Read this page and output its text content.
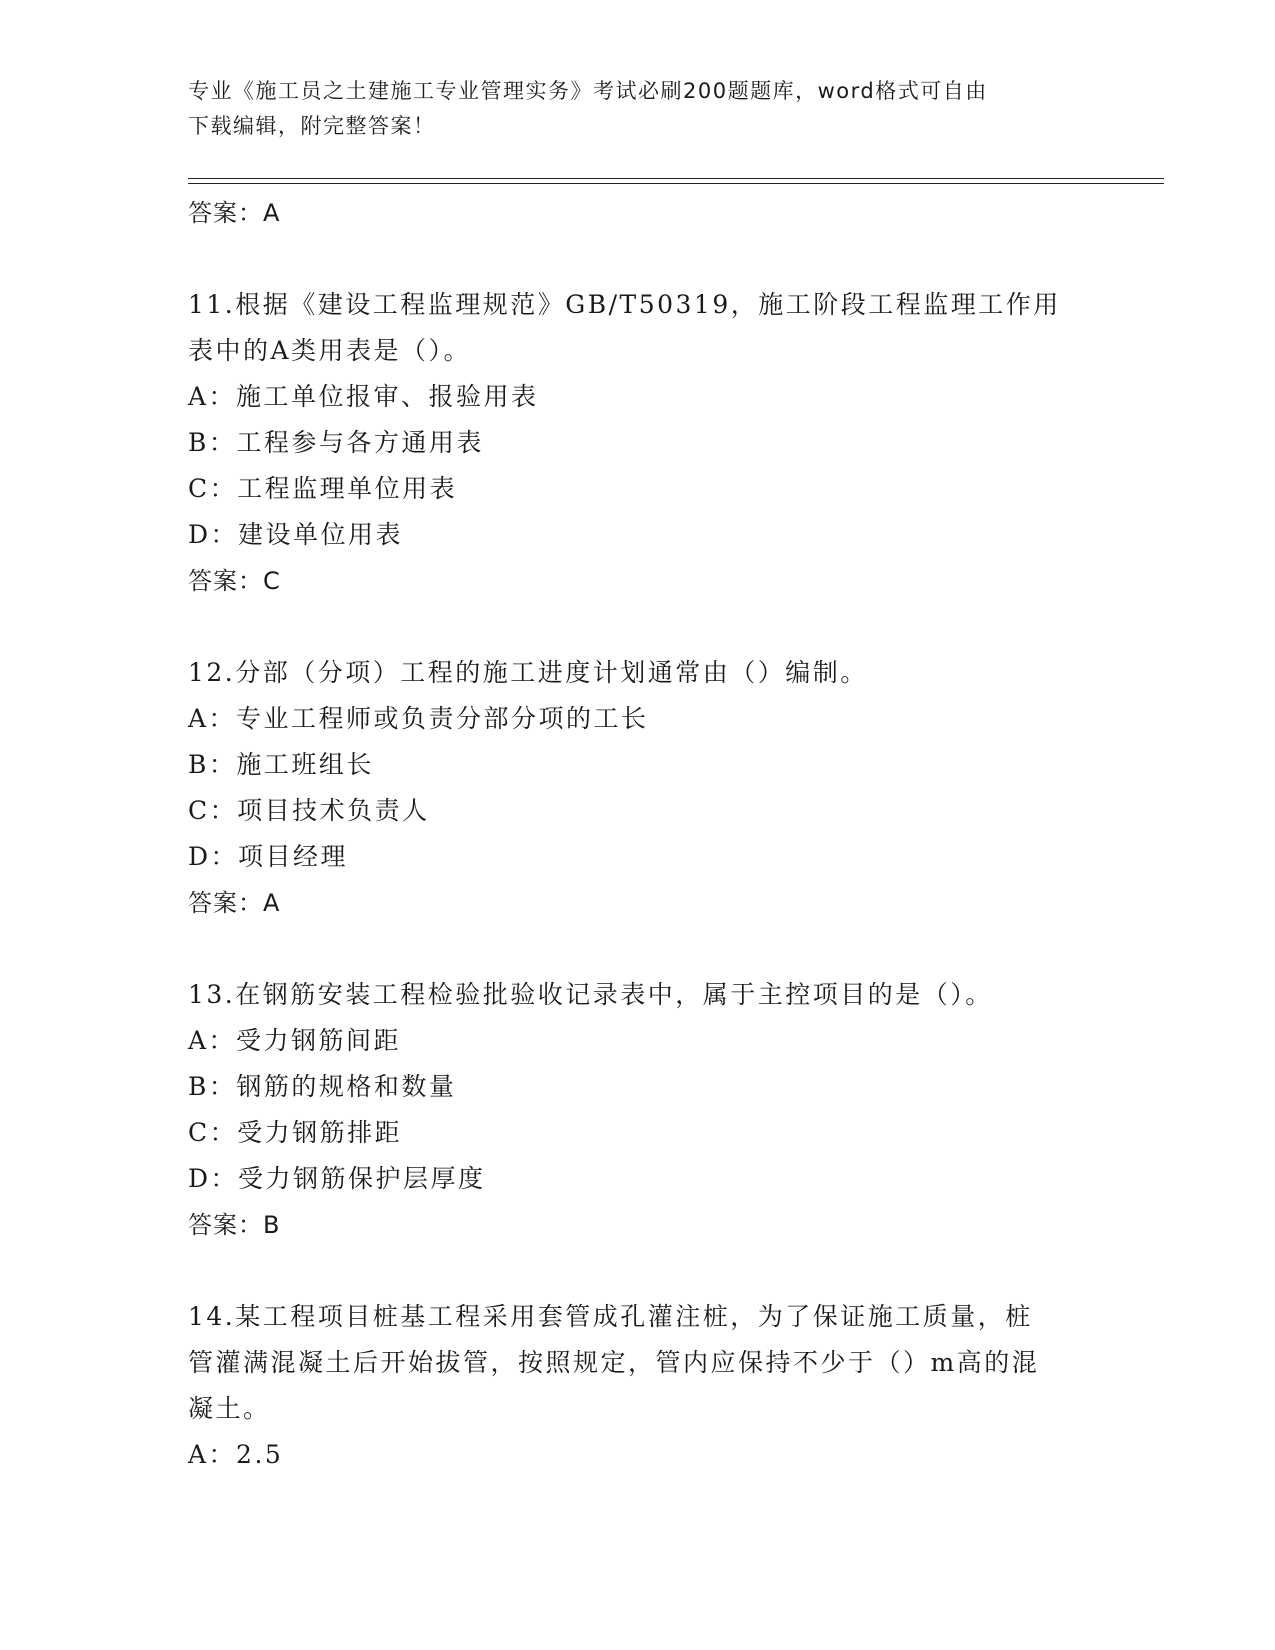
专业《施工员之土建施工专业管理实务》考试必刷200题题库，word格式可自由
下载编辑，附完整答案！
答案：A
11.根据《建设工程监理规范》GB/T50319，施工阶段工程监理工作用
表中的A类用表是（）。
A：施工单位报审、报验用表
B：工程参与各方通用表
C：工程监理单位用表
D：建设单位用表
答案：C
12.分部（分项）工程的施工进度计划通常由（）编制。
A：专业工程师或负责分部分项的工长
B：施工班组长
C：项目技术负责人
D：项目经理
答案：A
13.在钢筋安装工程检验批验收记录表中，属于主控项目的是（）。
A：受力钢筋间距
B：钢筋的规格和数量
C：受力钢筋排距
D：受力钢筋保护层厚度
答案：B
14.某工程项目桩基工程采用套管成孔灌注桩，为了保证施工质量，桩
管灌满混凝土后开始拔管，按照规定，管内应保持不少于（）m高的混
凝土。
A：2.5
